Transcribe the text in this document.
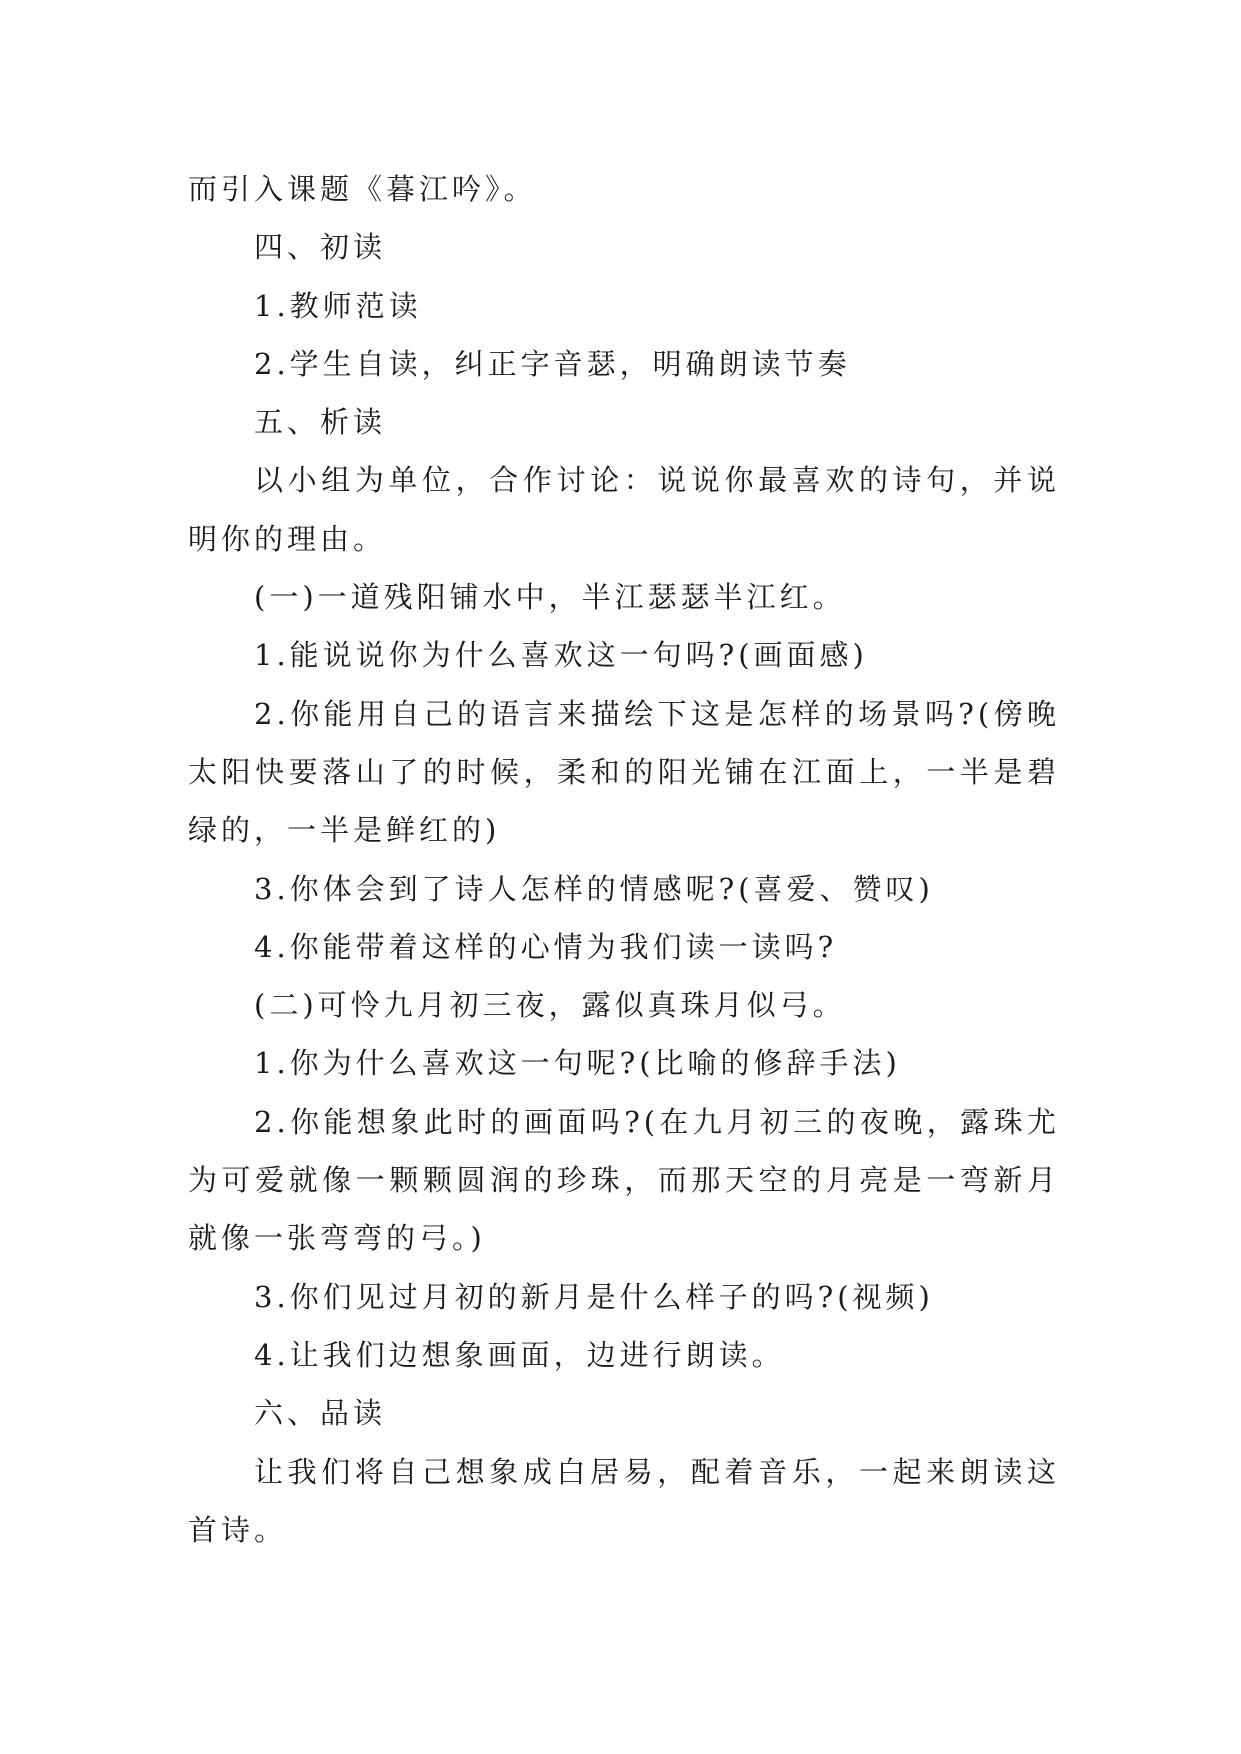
而引入课题《暮江吟》。

四、初读

1.教师范读

2.学生自读，纠正字音瑟，明确朗读节奏

五、析读

以小组为单位，合作讨论：说说你最喜欢的诗句，并说明你的理由。

(一)一道残阳铺水中，半江瑟瑟半江红。

1.能说说你为什么喜欢这一句吗?(画面感)

2.你能用自己的语言来描绘下这是怎样的场景吗?(傍晚太阳快要落山了的时候，柔和的阳光铺在江面上，一半是碧绿的，一半是鲜红的)

3.你体会到了诗人怎样的情感呢?(喜爱、赞叹)

4.你能带着这样的心情为我们读一读吗?

(二)可怜九月初三夜，露似真珠月似弓。

1.你为什么喜欢这一句呢?(比喻的修辞手法)

2.你能想象此时的画面吗?(在九月初三的夜晚，露珠尤为可爱就像一颗颗圆润的珍珠，而那天空的月亮是一弯新月就像一张弯弯的弓。)

3.你们见过月初的新月是什么样子的吗?(视频)

4.让我们边想象画面，边进行朗读。

六、品读

让我们将自己想象成白居易，配着音乐，一起来朗读这首诗。
